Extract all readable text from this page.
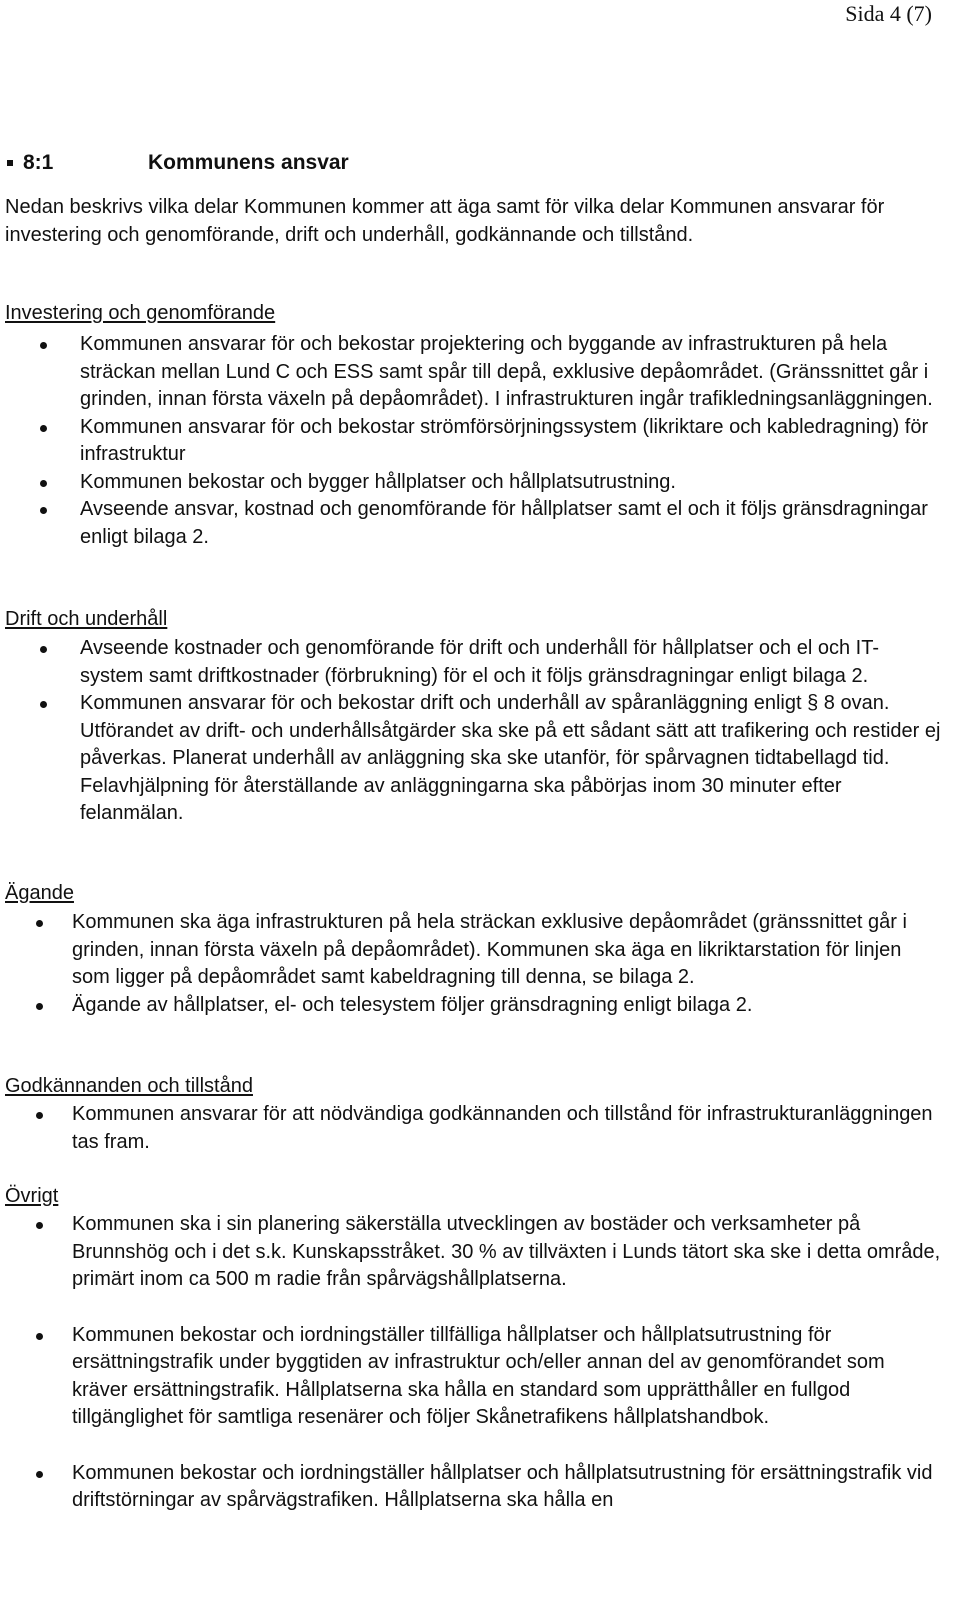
Sida 4 (7)
8:1	Kommunens ansvar

Nedan beskrivs vilka delar Kommunen kommer att äga samt för vilka delar Kommunen ansvarar för investering och genomförande, drift och underhåll, godkännande och tillstånd.

Investering och genomförande

Kommunen ansvarar för och bekostar projektering och byggande av infrastrukturen på hela sträckan mellan Lund C och ESS samt spår till depå, exklusive depåområdet. (Gränssnittet går i grinden, innan första växeln på depåområdet). I infrastrukturen ingår trafikledningsanläggningen.
Kommunen ansvarar för och bekostar strömförsörjningssystem (likriktare och kabledragning) för infrastruktur
Kommunen bekostar och bygger hållplatser och hållplatsutrustning.
Avseende ansvar, kostnad och genomförande för hållplatser samt el och it följs gränsdragningar enligt bilaga 2.

Drift och underhåll

Avseende kostnader och genomförande för drift och underhåll för hållplatser och el och IT-system samt driftkostnader (förbrukning) för el och it följs gränsdragningar enligt bilaga 2.
Kommunen ansvarar för och bekostar drift och underhåll av spåranläggning enligt § 8 ovan. Utförandet av drift- och underhållsåtgärder ska ske på ett sådant sätt att trafikering och restider ej påverkas. Planerat underhåll av anläggning ska ske utanför, för spårvagnen tidtabellagd tid. Felavhjälpning för återställande av anläggningarna ska påbörjas inom 30 minuter efter felanmälan.

Ägande

Kommunen ska äga infrastrukturen på hela sträckan exklusive depåområdet (gränssnittet går i grinden, innan första växeln på depåområdet). Kommunen ska äga en likriktarstation för linjen som ligger på depåområdet samt kabeldragning till denna, se bilaga 2.
Ägande av hållplatser, el- och telesystem följer gränsdragning enligt bilaga 2.

Godkännanden och tillstånd

Kommunen ansvarar för att nödvändiga godkännanden och tillstånd för infrastrukturanläggningen tas fram.

Övrigt

Kommunen ska i sin planering säkerställa utvecklingen av bostäder och verksamheter på Brunnshög och i det s.k. Kunskapsstråket. 30 % av tillväxten i Lunds tätort ska ske i detta område, primärt inom ca 500 m radie från spårvägshållplatserna.
Kommunen bekostar och iordningställer tillfälliga hållplatser och hållplatsutrustning för ersättningstrafik under byggtiden av infrastruktur och/eller annan del av genomförandet som kräver ersättningstrafik. Hållplatserna ska hålla en standard som upprätthåller en fullgod tillgänglighet för samtliga resenärer och följer Skånetrafikens hållplatshandbok.
Kommunen bekostar och iordningställer hållplatser och hållplatsutrustning för ersättningstrafik vid driftstörningar av spårvägstrafiken. Hållplatserna ska hålla en
